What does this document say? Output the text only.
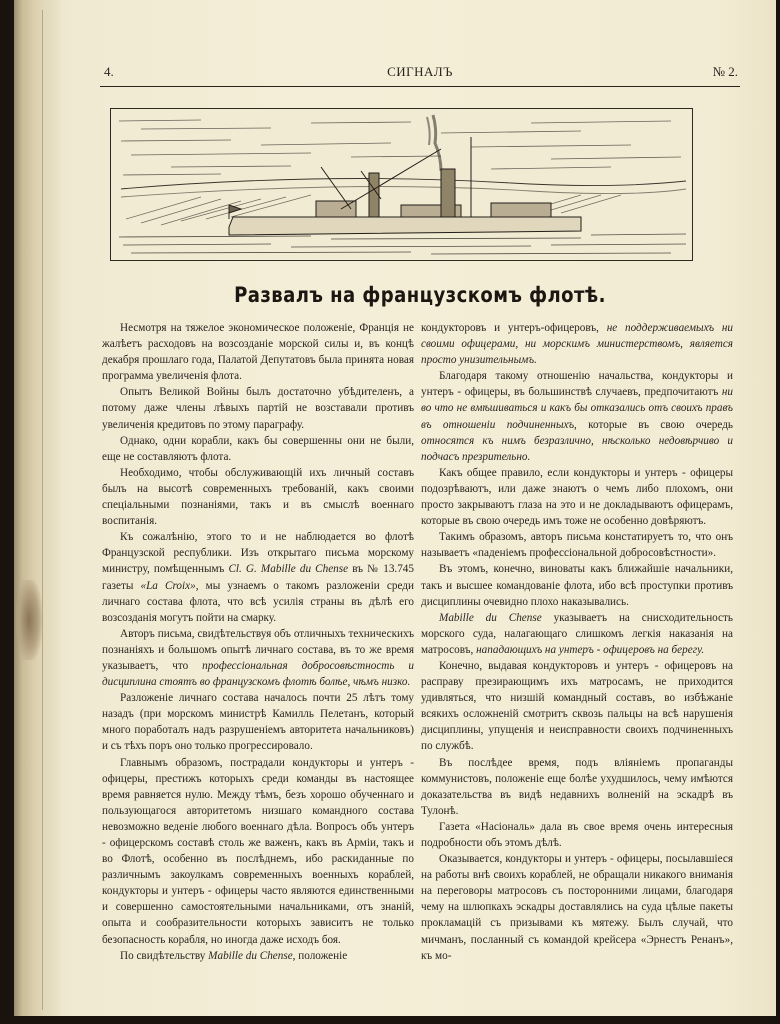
4.	СИГНАЛЪ	№ 2.
Развалъ на французскомъ флотѣ.

Несмотря на тяжелое экономическое положенiе, Францiя не жалѣетъ расходовъ на возсозданiе морской силы и, въ концѣ декабря прошлаго года, Палатой Депутатовъ была принята новая программа увеличенiя флота.

Опытъ Великой Войны былъ достаточно убѣдителенъ, а потому даже члены лѣвыхъ партiй не возставали противъ увеличенiя кредитовъ по этому параграфу.

Однако, одни корабли, какъ бы совершенны они не были, еще не составляютъ флота.

Необходимо, чтобы обслуживающiй ихъ личный составъ былъ на высотѣ современныхъ требованiй, какъ своими спецiальными познанiями, такъ и въ смыслѣ военнаго воспитанiя.

Къ сожалѣнiю, этого то и не наблюдается во флотѣ Французской республики. Изъ открытаго письма морскому министру, помѣщеннымъ Cl. G. Mabille du Chense въ № 13.745 газеты «La Croix», мы узнаемъ о такомъ разложенiи среди личнаго состава флота, что всѣ усилiя страны въ дѣлѣ его возсозданiя могутъ пойти на смарку.

Авторъ письма, свидѣтельствуя объ отличныхъ техническихъ познанiяхъ и большомъ опытѣ личнаго состава, въ то же время указываетъ, что профессiональная добросовѣстность и дисциплина стоятъ во французскомъ флотѣ болѣе, чѣмъ низко.

Разложенiе личнаго состава началось почти 25 лѣтъ тому назадъ (при морскомъ министрѣ Камилль Пелетанъ, который много поработалъ надъ разрушенiемъ авторитета начальниковъ) и съ тѣхъ поръ оно только прогрессировало.

Главнымъ образомъ, пострадали кондукторы и унтеръ - офицеры, престижъ которыхъ среди команды въ настоящее время равняется нулю. Между тѣмъ, безъ хорошо обученнаго и пользующагося авторитетомъ низшаго командного состава невозможно веденiе любого военнаго дѣла. Вопросъ объ унтеръ - офицерскомъ составѣ столь же важенъ, какъ въ Армiи, такъ и во Флотѣ, особенно въ послѣднемъ, ибо раскиданные по различнымъ закоулкамъ современныхъ военныхъ кораблей, кондукторы и унтеръ - офицеры часто являются единственными и совершенно самостоятельными начальниками, отъ знанiй, опыта и сообразительности которыхъ зависитъ не только безопасность корабля, но иногда даже исходъ боя.

По свидѣтельству Mabille du Chense, положенiе

кондукторовъ и унтеръ-офицеровъ, не поддерживаемыхъ ни своими офицерами, ни морскимъ министерствомъ, является просто унизительнымъ.

Благодаря такому отношенiю начальства, кондукторы и унтеръ - офицеры, въ большинствѣ случаевъ, предпочитаютъ ни во что не вмѣшиваться и какъ бы отказались отъ своихъ правъ въ отношенiи подчиненныхъ, которые въ свою очередь относятся къ нимъ безразлично, нѣсколько недовѣрчиво и подчасъ презрительно.

Какъ общее правило, если кондукторы и унтеръ - офицеры подозрѣваютъ, или даже знаютъ о чемъ либо плохомъ, они просто закрываютъ глаза на это и не докладываютъ офицерамъ, которые въ свою очередь имъ тоже не особенно довѣряютъ.

Такимъ образомъ, авторъ письма констатируетъ то, что онъ называетъ «паденiемъ профессiональной добросовѣстности».

Въ этомъ, конечно, виноваты какъ ближайшiе начальники, такъ и высшее командованiе флота, ибо всѣ проступки противъ дисциплины очевидно плохо наказывались.

Mabille du Chense указываетъ на снисходительность морского суда, налагающаго слишкомъ легкiя наказанiя на матросовъ, нападающихъ на унтеръ - офицеровъ на берегу.

Конечно, выдавая кондукторовъ и унтеръ - офицеровъ на расправу презирающимъ ихъ матросамъ, не приходится удивляться, что низшiй командный составъ, во избѣжанiе всякихъ осложненiй смотритъ сквозь пальцы на всѣ нарушенiя дисциплины, упущенiя и неисправности своихъ подчиненныхъ по службѣ.

Въ послѣдее время, подъ влiянiемъ пропаганды коммунистовъ, положенiе еще болѣе ухудшилось, чему имѣются доказательства въ видѣ недавнихъ волненiй на эскадрѣ въ Тулонѣ.

Газета «Насiональ» дала въ свое время очень интересныя подробности объ этомъ дѣлѣ.

Оказывается, кондукторы и унтеръ - офицеры, посылавшiеся на работы внѣ своихъ кораблей, не обращали никакого вниманiя на переговоры матросовъ съ посторонними лицами, благодаря чему на шлюпкахъ эскадры доставлялись на суда цѣлые пакеты прокламацiй съ призывами къ мятежу. Былъ случай, что мичманъ, посланный съ командой крейсера «Эрнестъ Ренанъ», къ мо-
